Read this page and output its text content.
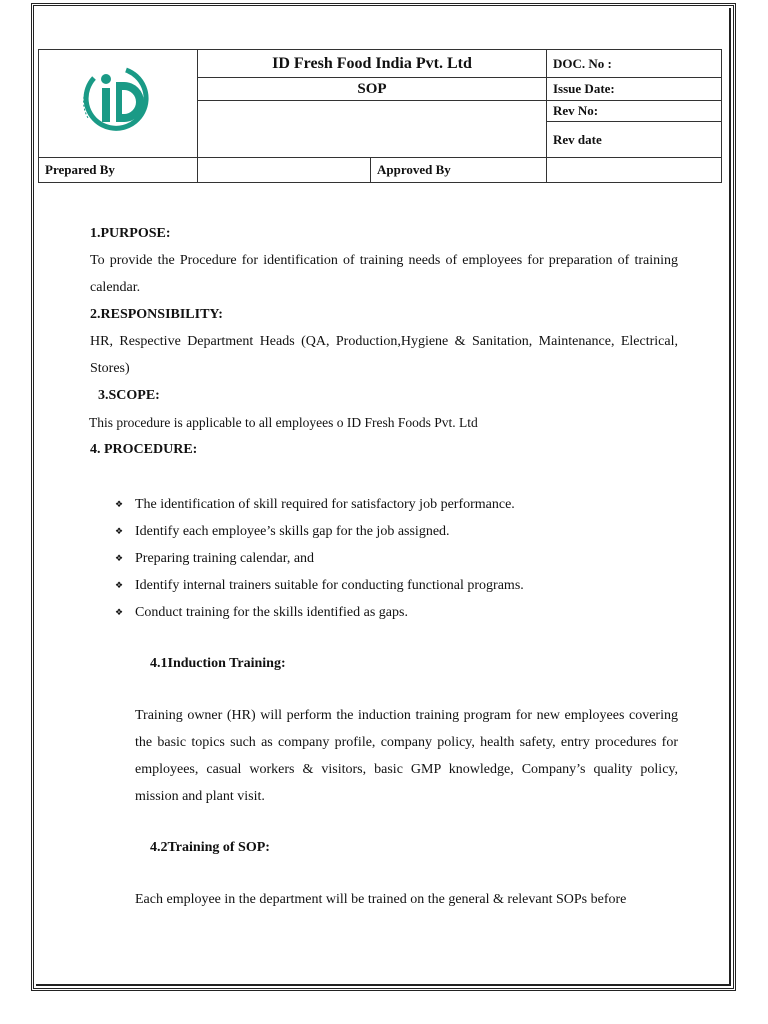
	ID Fresh Food India Pvt. Ltd		DOC. No :
	SOP		Issue Date:
			Rev No:
			Rev date
Prepared By		Approved By	
1.PURPOSE:
To provide the Procedure for identification of training needs of employees for preparation of training calendar.
2.RESPONSIBILITY:
HR, Respective Department Heads (QA, Production,Hygiene & Sanitation, Maintenance, Electrical, Stores)
3.SCOPE:
This procedure is applicable to all employees o ID Fresh Foods Pvt. Ltd
4. PROCEDURE:
❖ The identification of skill required for satisfactory job performance.
❖ Identify each employee’s skills gap for the job assigned.
❖ Preparing training calendar, and
❖ Identify internal trainers suitable for conducting functional programs.
❖ Conduct training for the skills identified as gaps.
4.1Induction Training:
Training owner (HR) will perform the induction training program for new employees covering the basic topics such as company profile, company policy, health safety, entry procedures for employees, casual workers & visitors, basic GMP knowledge, Company’s quality policy, mission and plant visit.
4.2Training of SOP:
Each employee in the department will be trained on the general & relevant SOPs before
